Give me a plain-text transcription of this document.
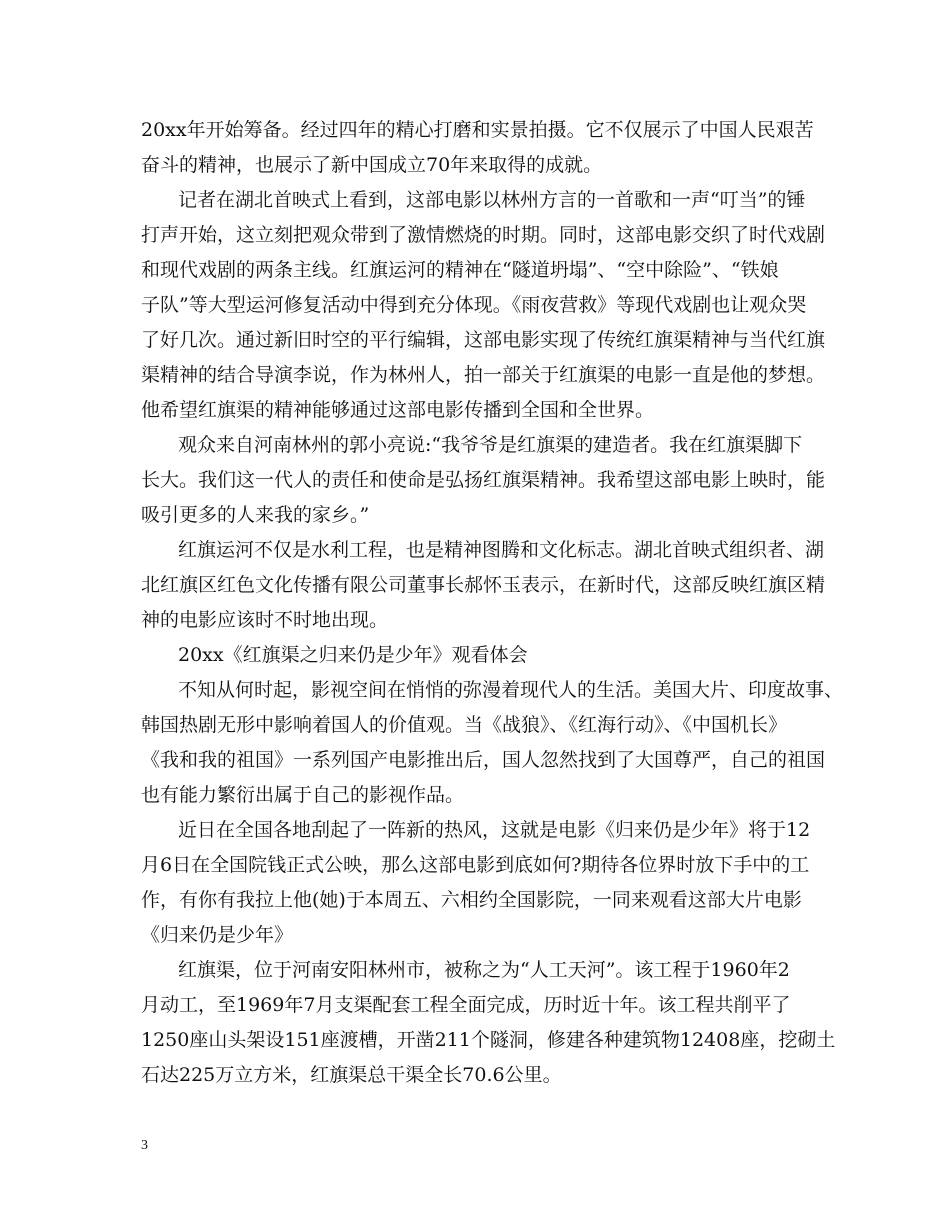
20xx年开始筹备。经过四年的精心打磨和实景拍摄。它不仅展示了中国人民艰苦
奋斗的精神，也展示了新中国成立70年来取得的成就。
记者在湖北首映式上看到，这部电影以林州方言的一首歌和一声“叮当”的锤
打声开始，这立刻把观众带到了激情燃烧的时期。同时，这部电影交织了时代戏剧
和现代戏剧的两条主线。红旗运河的精神在“隧道坍塌”、“空中除险”、“铁娘
子队”等大型运河修复活动中得到充分体现。《雨夜营救》等现代戏剧也让观众哭
了好几次。通过新旧时空的平行编辑，这部电影实现了传统红旗渠精神与当代红旗
渠精神的结合导演李说，作为林州人，拍一部关于红旗渠的电影一直是他的梦想。
他希望红旗渠的精神能够通过这部电影传播到全国和全世界。
观众来自河南林州的郭小亮说:“我爷爷是红旗渠的建造者。我在红旗渠脚下
长大。我们这一代人的责任和使命是弘扬红旗渠精神。我希望这部电影上映时，能
吸引更多的人来我的家乡。”
红旗运河不仅是水利工程，也是精神图腾和文化标志。湖北首映式组织者、湖
北红旗区红色文化传播有限公司董事长郝怀玉表示，在新时代，这部反映红旗区精
神的电影应该时不时地出现。
20xx《红旗渠之归来仍是少年》观看体会
不知从何时起，影视空间在悄悄的弥漫着现代人的生活。美国大片、印度故事、
韩国热剧无形中影响着国人的价值观。当《战狼》、《红海行动》、《中国机长》
《我和我的祖国》一系列国产电影推出后，国人忽然找到了大国尊严，自己的祖国
也有能力繁衍出属于自己的影视作品。
近日在全国各地刮起了一阵新的热风，这就是电影《归来仍是少年》将于12
月6日在全国院钱正式公映，那么这部电影到底如何?期待各位界时放下手中的工
作，有你有我拉上他(她)于本周五、六相约全国影院，一同来观看这部大片电影
《归来仍是少年》
红旗渠，位于河南安阳林州市，被称之为“人工天河”。该工程于1960年2
月动工，至1969年7月支渠配套工程全面完成，历时近十年。该工程共削平了
1250座山头架设151座渡槽，开凿211个隧洞，修建各种建筑物12408座，挖砌土
石达225万立方米，红旗渠总干渠全长70.6公里。
3
